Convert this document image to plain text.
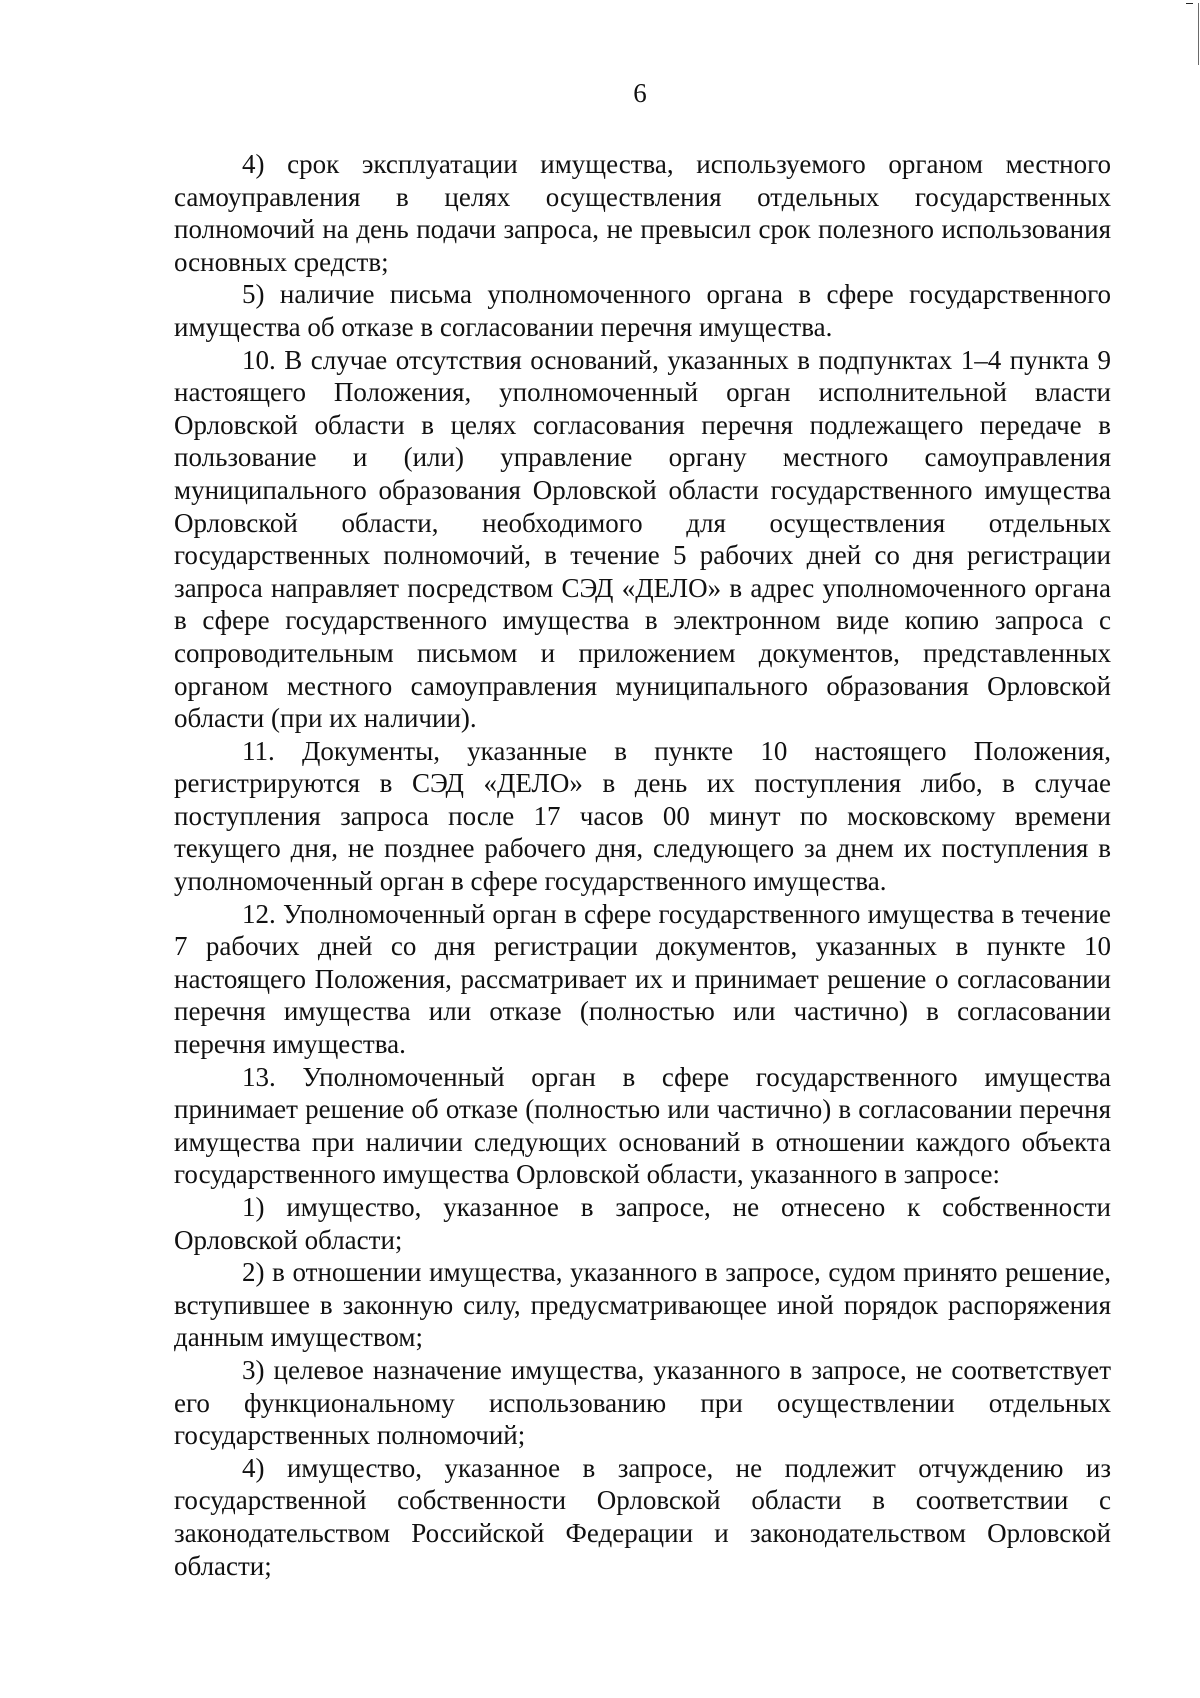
6

4) срок эксплуатации имущества, используемого органом местного самоуправления в целях осуществления отдельных государственных полномочий на день подачи запроса, не превысил срок полезного использования основных средств;

5) наличие письма уполномоченного органа в сфере государственного имущества об отказе в согласовании перечня имущества.

10. В случае отсутствия оснований, указанных в подпунктах 1–4 пункта 9 настоящего Положения, уполномоченный орган исполнительной власти Орловской области в целях согласования перечня подлежащего передаче в пользование и (или) управление органу местного самоуправления муниципального образования Орловской области государственного имущества Орловской области, необходимого для осуществления отдельных государственных полномочий, в течение 5 рабочих дней со дня регистрации запроса направляет посредством СЭД «ДЕЛО» в адрес уполномоченного органа в сфере государственного имущества в электронном виде копию запроса с сопроводительным письмом и приложением документов, представленных органом местного самоуправления муниципального образования Орловской области (при их наличии).

11. Документы, указанные в пункте 10 настоящего Положения, регистрируются в СЭД «ДЕЛО» в день их поступления либо, в случае поступления запроса после 17 часов 00 минут по московскому времени текущего дня, не позднее рабочего дня, следующего за днем их поступления в уполномоченный орган в сфере государственного имущества.

12. Уполномоченный орган в сфере государственного имущества в течение 7 рабочих дней со дня регистрации документов, указанных в пункте 10 настоящего Положения, рассматривает их и принимает решение о согласовании перечня имущества или отказе (полностью или частично) в согласовании перечня имущества.

13. Уполномоченный орган в сфере государственного имущества принимает решение об отказе (полностью или частично) в согласовании перечня имущества при наличии следующих оснований в отношении каждого объекта государственного имущества Орловской области, указанного в запросе:

1) имущество, указанное в запросе, не отнесено к собственности Орловской области;

2) в отношении имущества, указанного в запросе, судом принято решение, вступившее в законную силу, предусматривающее иной порядок распоряжения данным имуществом;

3) целевое назначение имущества, указанного в запросе, не соответствует его функциональному использованию при осуществлении отдельных государственных полномочий;

4) имущество, указанное в запросе, не подлежит отчуждению из государственной собственности Орловской области в соответствии с законодательством Российской Федерации и законодательством Орловской области;
